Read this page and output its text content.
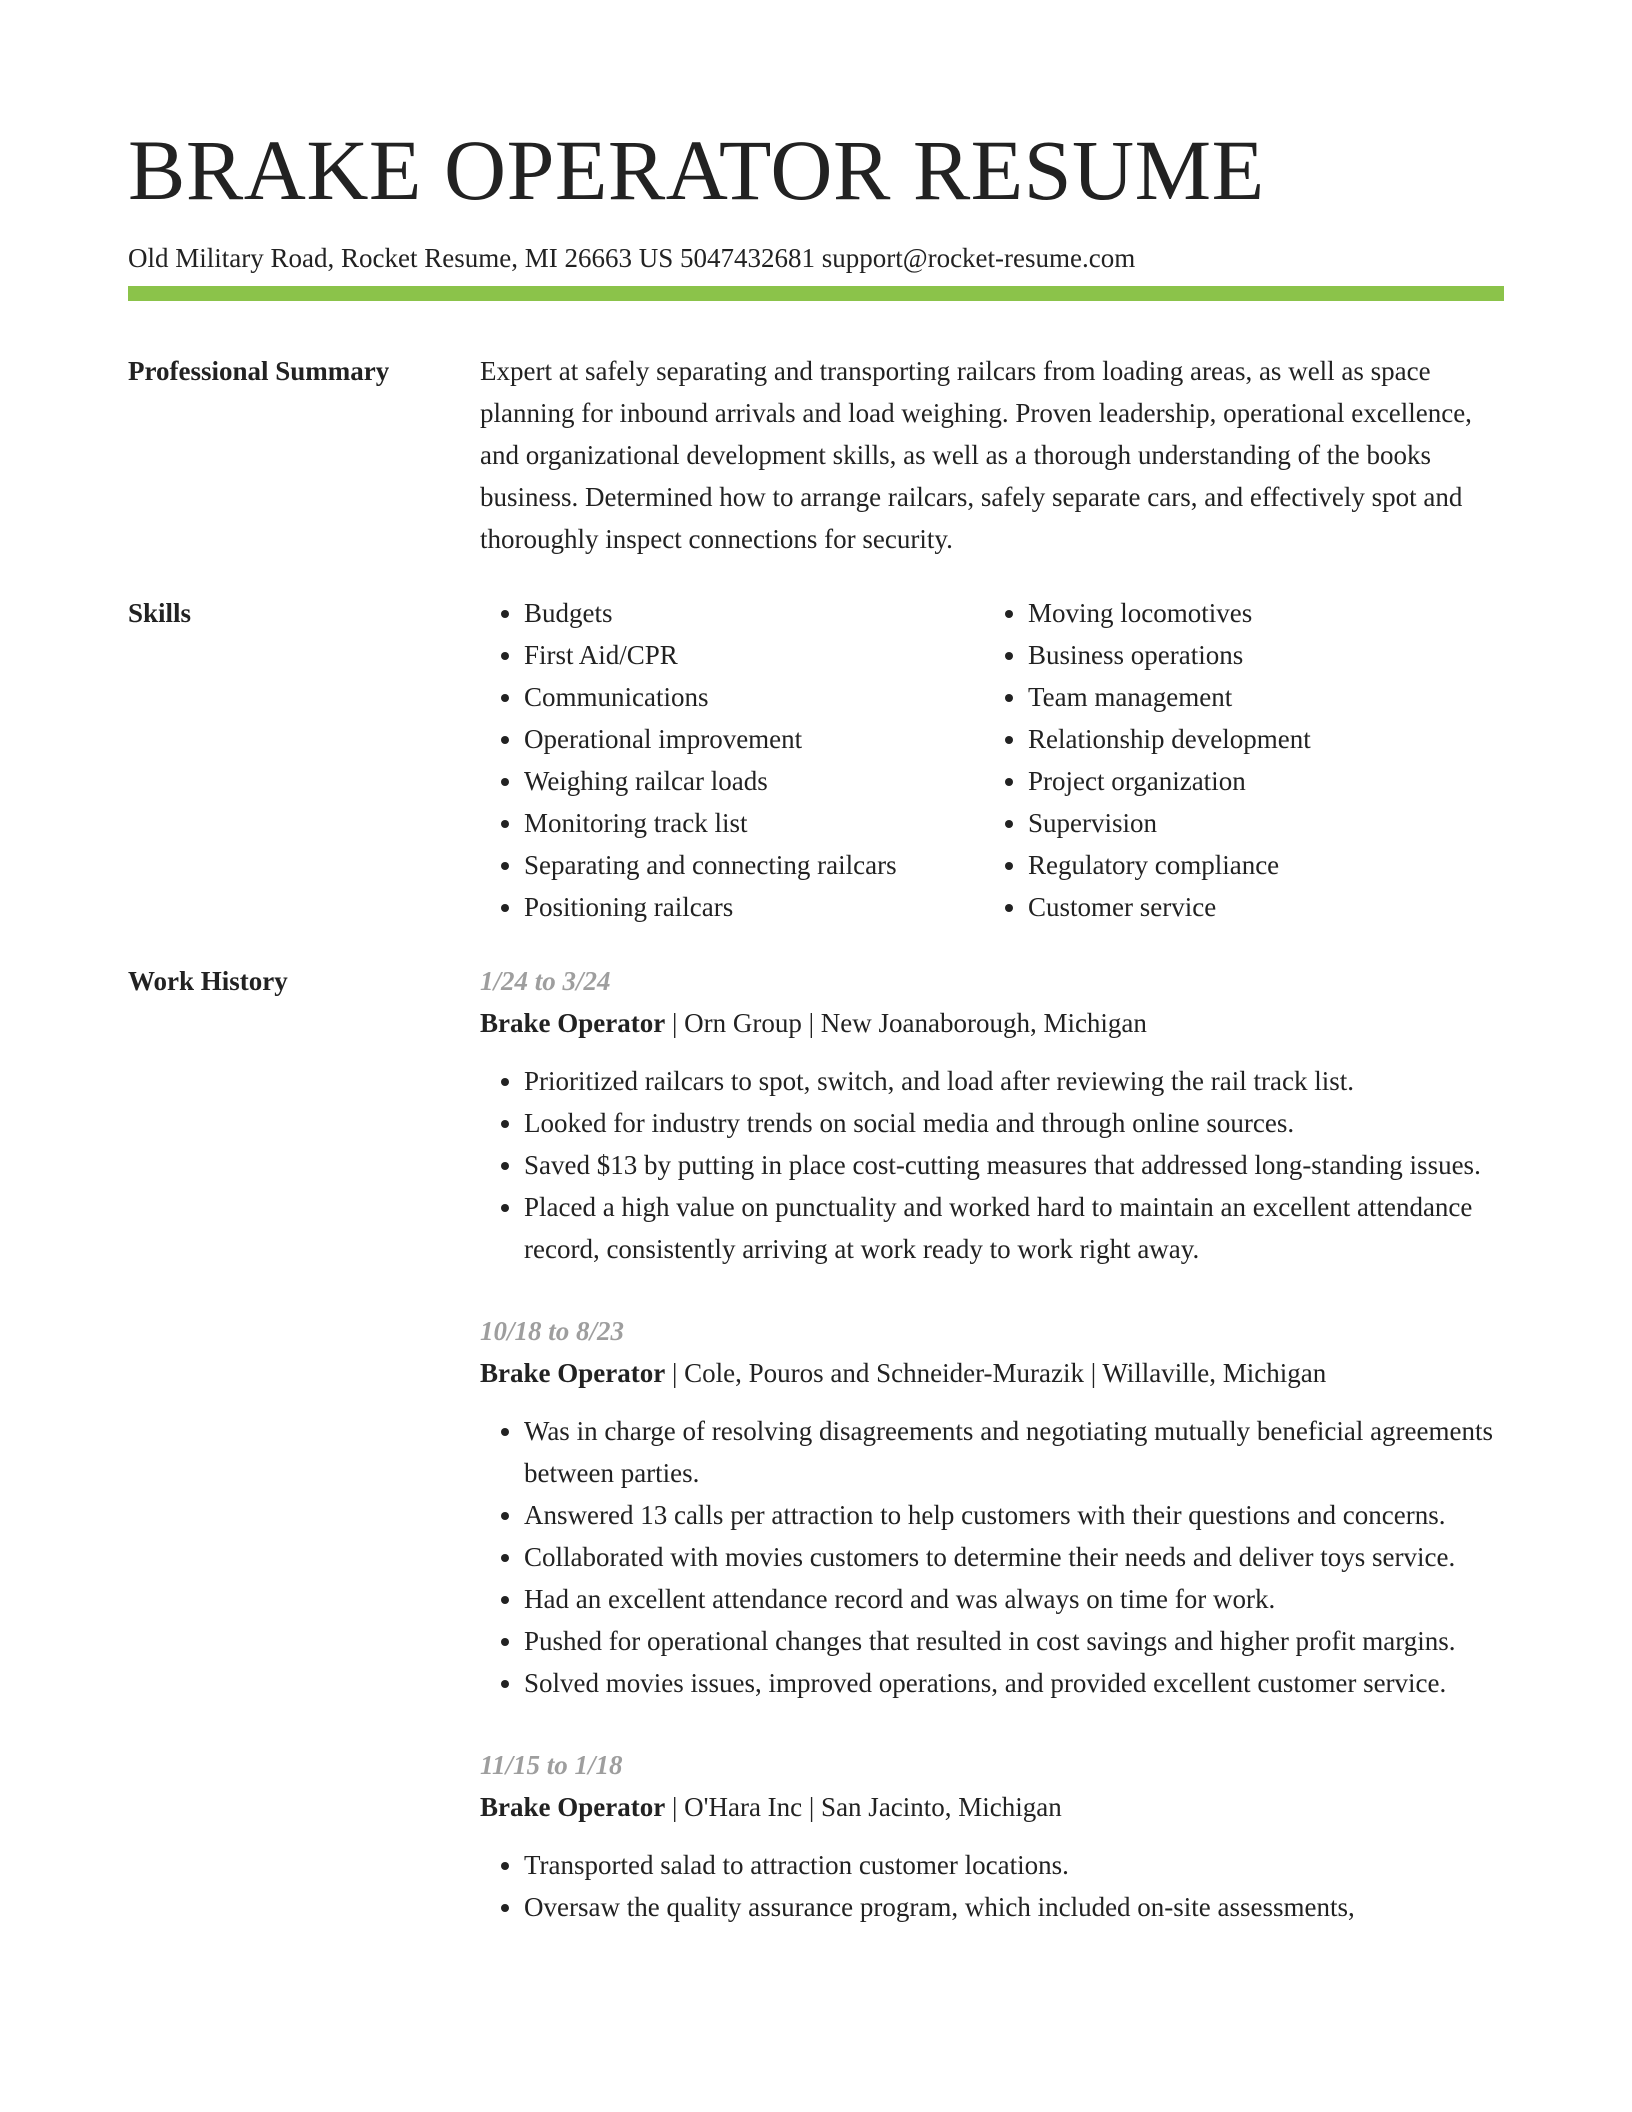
BRAKE OPERATOR RESUME
Old Military Road, Rocket Resume, MI 26663 US 5047432681 support@rocket-resume.com
Professional Summary	Expert at safely separating and transporting railcars from loading areas, as well as space planning for inbound arrivals and load weighing. Proven leadership, operational excellence, and organizational development skills, as well as a thorough understanding of the books business. Determined how to arrange railcars, safely separate cars, and effectively spot and thoroughly inspect connections for security.

Skills
•	Budgets
• First Aid/CPR
• Communications
• Operational improvement
• Weighing railcar loads
• Monitoring track list
• Separating and connecting railcars
• Positioning railcars
• Moving locomotives
• Business operations
• Team management
• Relationship development
• Project organization
• Supervision
• Regulatory compliance
• Customer service
Work History	1/24 to 3/24
Brake Operator | Orn Group | New Joanaborough, Michigan
• Prioritized railcars to spot, switch, and load after reviewing the rail track list.
• Looked for industry trends on social media and through online sources.
• Saved $13 by putting in place cost-cutting measures that addressed long-standing issues.
• Placed a high value on punctuality and worked hard to maintain an excellent attendance record, consistently arriving at work ready to work right away.
10/18 to 8/23
Brake Operator | Cole, Pouros and Schneider-Murazik | Willaville, Michigan
• Was in charge of resolving disagreements and negotiating mutually beneficial agreements between parties.
• Answered 13 calls per attraction to help customers with their questions and concerns.
• Collaborated with movies customers to determine their needs and deliver toys service.
• Had an excellent attendance record and was always on time for work.
• Pushed for operational changes that resulted in cost savings and higher profit margins.
• Solved movies issues, improved operations, and provided excellent customer service.
11/15 to 1/18
Brake Operator | O'Hara Inc | San Jacinto, Michigan
• Transported salad to attraction customer locations.
• Oversaw the quality assurance program, which included on-site assessments,
